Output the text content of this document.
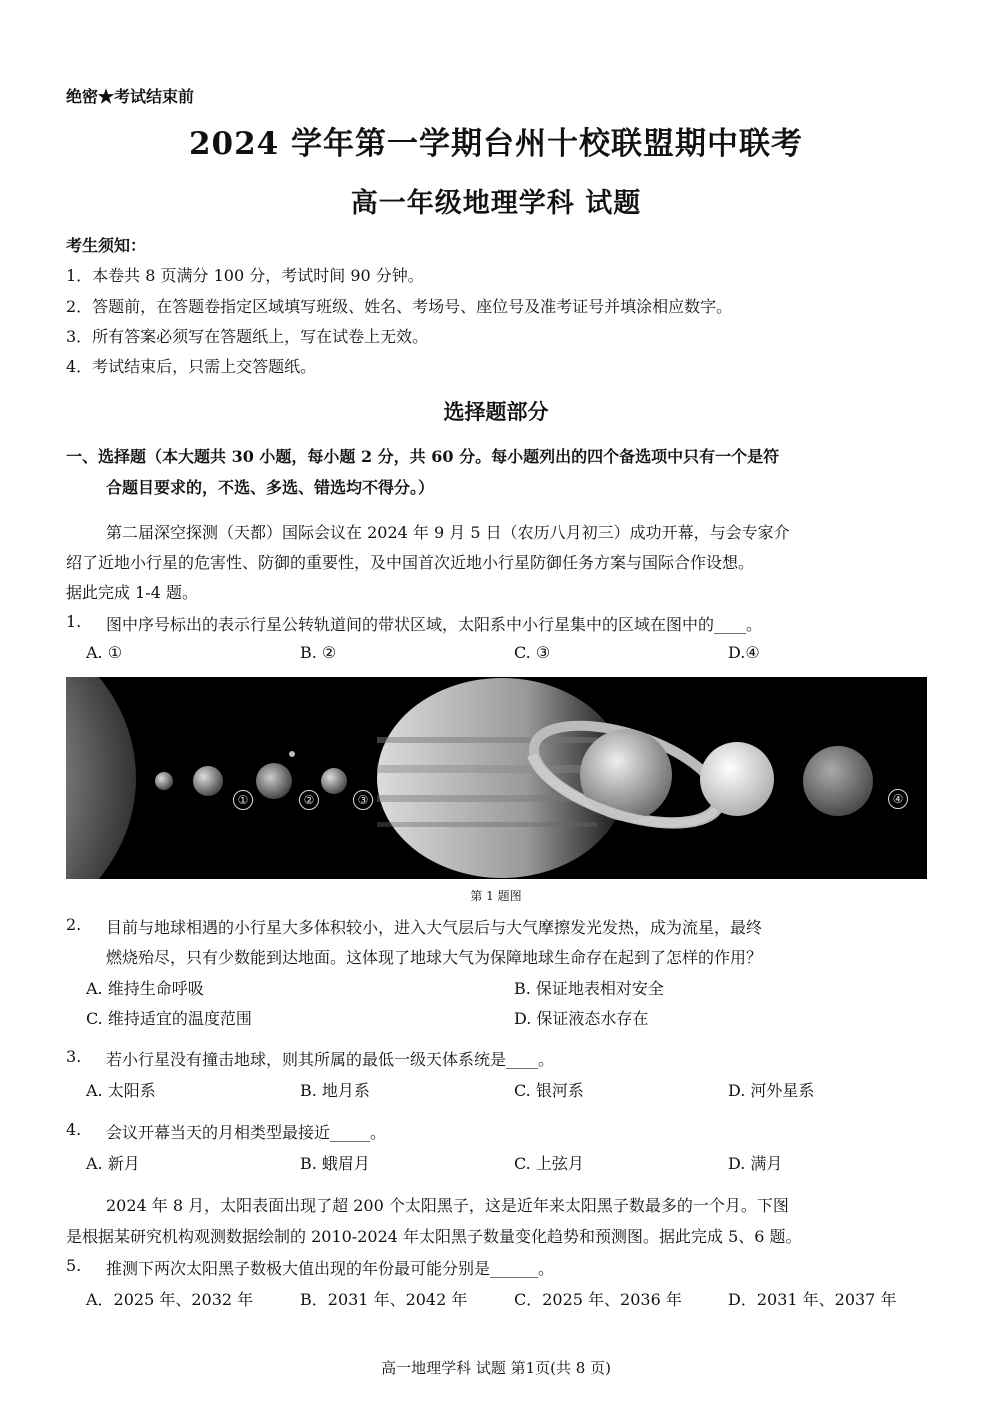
绝密★考试结束前
2024 学年第一学期台州十校联盟期中联考
高一年级地理学科 试题
考生须知：
1．本卷共 8 页满分 100 分，考试时间 90 分钟。
2．答题前，在答题卷指定区域填写班级、姓名、考场号、座位号及准考证号并填涂相应数字。
3．所有答案必须写在答题纸上，写在试卷上无效。
4．考试结束后，只需上交答题纸。
选择题部分
一、选择题（本大题共 30 小题，每小题 2 分，共 60 分。每小题列出的四个备选项中只有一个是符
合题目要求的，不选、多选、错选均不得分。）
第二届深空探测（天都）国际会议在 2024 年 9 月 5 日（农历八月初三）成功开幕，与会专家介
绍了近地小行星的危害性、防御的重要性，及中国首次近地小行星防御任务方案与国际合作设想。
据此完成 1-4 题。
1. 图中序号标出的表示行星公转轨道间的带状区域，太阳系中小行星集中的区域在图中的____。
A. ①	B. ②	C. ③	D.④
①	②	③	④
第 1 题图
2. 目前与地球相遇的小行星大多体积较小，进入大气层后与大气摩擦发光发热，成为流星，最终
燃烧殆尽，只有少数能到达地面。这体现了地球大气为保障地球生命存在起到了怎样的作用？
A. 维持生命呼吸	B. 保证地表相对安全
C. 维持适宜的温度范围	D. 保证液态水存在
3. 若小行星没有撞击地球，则其所属的最低一级天体系统是____。
A. 太阳系	B. 地月系	C. 银河系	D. 河外星系
4. 会议开幕当天的月相类型最接近_____。
A. 新月	B. 蛾眉月	C. 上弦月	D. 满月
2024 年 8 月，太阳表面出现了超 200 个太阳黑子，这是近年来太阳黑子数最多的一个月。下图
是根据某研究机构观测数据绘制的 2010-2024 年太阳黑子数量变化趋势和预测图。据此完成 5、6 题。
5. 推测下两次太阳黑子数极大值出现的年份最可能分别是______。
A．2025 年、2032 年	B．2031 年、2042 年	C．2025 年、2036 年	D．2031 年、2037 年
高一地理学科 试题 第1页(共 8 页)
